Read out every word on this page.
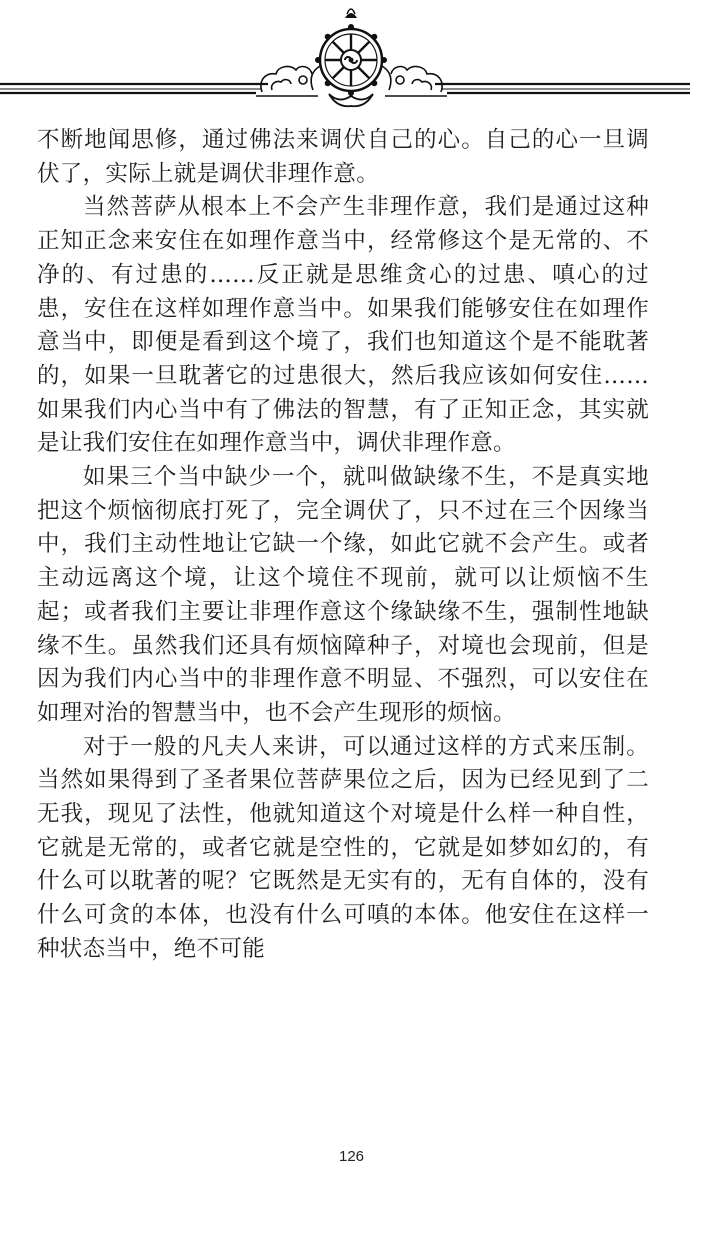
不断地闻思修，通过佛法来调伏自己的心。自己的心一旦调伏了，实际上就是调伏非理作意。

当然菩萨从根本上不会产生非理作意，我们是通过这种正知正念来安住在如理作意当中，经常修这个是无常的、不净的、有过患的……反正就是思维贪心的过患、嗔心的过患，安住在这样如理作意当中。如果我们能够安住在如理作意当中，即便是看到这个境了，我们也知道这个是不能耽著的，如果一旦耽著它的过患很大，然后我应该如何安住……如果我们内心当中有了佛法的智慧，有了正知正念，其实就是让我们安住在如理作意当中，调伏非理作意。

如果三个当中缺少一个，就叫做缺缘不生，不是真实地把这个烦恼彻底打死了，完全调伏了，只不过在三个因缘当中，我们主动性地让它缺一个缘，如此它就不会产生。或者主动远离这个境，让这个境住不现前，就可以让烦恼不生起；或者我们主要让非理作意这个缘缺缘不生，强制性地缺缘不生。虽然我们还具有烦恼障种子，对境也会现前，但是因为我们内心当中的非理作意不明显、不强烈，可以安住在如理对治的智慧当中，也不会产生现形的烦恼。

对于一般的凡夫人来讲，可以通过这样的方式来压制。当然如果得到了圣者果位菩萨果位之后，因为已经见到了二无我，现见了法性，他就知道这个对境是什么样一种自性，它就是无常的，或者它就是空性的，它就是如梦如幻的，有什么可以耽著的呢？它既然是无实有的，无有自体的，没有什么可贪的本体，也没有什么可嗔的本体。他安住在这样一种状态当中，绝不可能

126
